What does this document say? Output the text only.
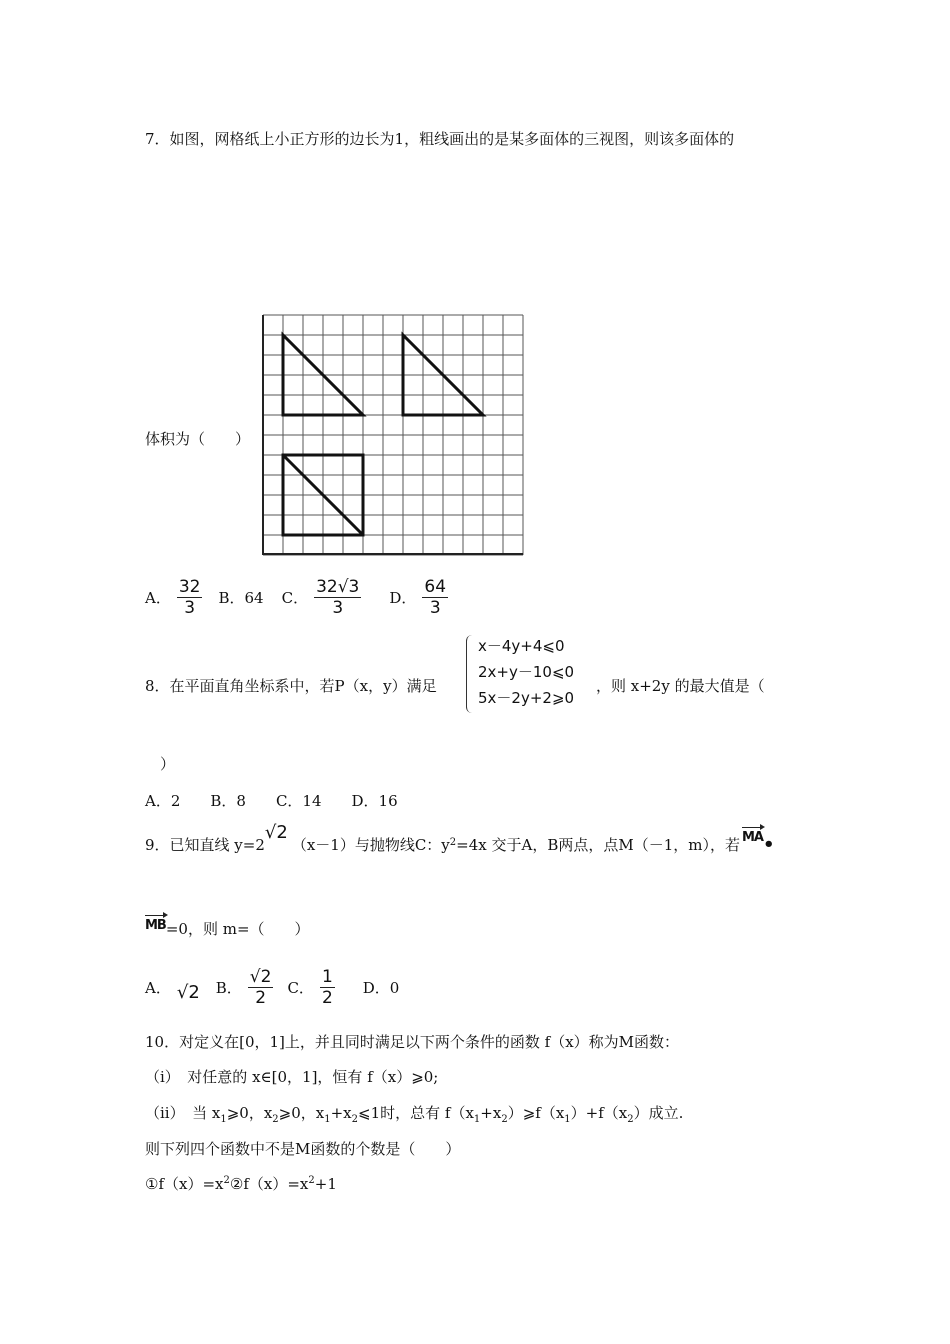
7．如图，网格纸上小正方形的边长为1，粗线画出的是某多面体的三视图，则该多面体的
体积为（　　）
A． $\frac{32}{3}$ B．64 C． $\frac{32√3}{3}$ D． $\frac{64}{3}$
8．在平面直角坐标系中，若P（x，y）满足
x－4y+4⩽0
2x+y－10⩽0
5x－2y+2⩾0
，则 x+2y 的最大值是（
）
A．2　　B．8　　C．14　　D．16
9．已知直线 y=2
√2
（x－1）与抛物线C：$y^2 =4x$ 交于A，B两点，点M（－1，m），若 MA •
MB =0，则 m=（　　）
A． √2 B． $\frac{√2}{2}$ C． $\frac{1}{2}$ D．0
10．对定义在[0，1]上，并且同时满足以下两个条件的函数 f（x）称为M函数：
（i）　对任意的 x∈[0，1]，恒有 f（x）⩾0;
（ii）　当 $x_1⩾0$，$x_2⩾0$，$x_1+x_2⩽1$时，总有 $f(x_1+x_2)⩾f(x_1)+f(x_2)$成立.
则下列四个函数中不是M函数的个数是（　　）
$①f(x)=x^2②f(x)=x^2+1$
